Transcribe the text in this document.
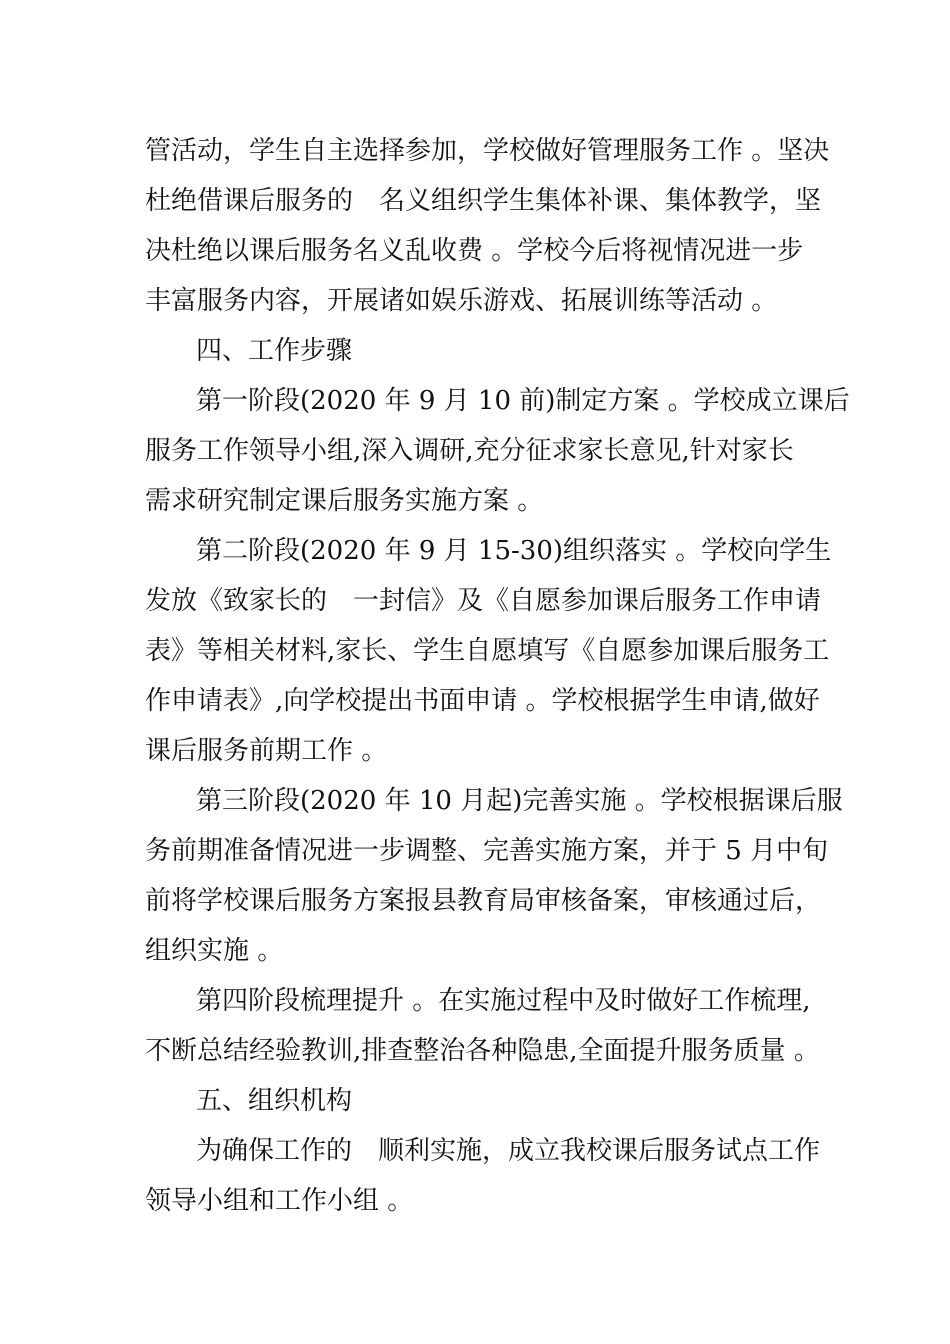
管活动，学生自主选择参加，学校做好管理服务工作 。坚决
杜绝借课后服务的　名义组织学生集体补课、集体教学，坚
决杜绝以课后服务名义乱收费 。学校今后将视情况进一步
丰富服务内容，开展诸如娱乐游戏、拓展训练等活动 。
四、工作步骤
第一阶段(2020 年 9 月 10 前)制定方案 。学校成立课后
服务工作领导小组,深入调研,充分征求家长意见,针对家长
需求研究制定课后服务实施方案 。
第二阶段(2020 年 9 月 15-30)组织落实 。学校向学生
发放《致家长的　一封信》及《自愿参加课后服务工作申请
表》等相关材料,家长、学生自愿填写《自愿参加课后服务工
作申请表》,向学校提出书面申请 。学校根据学生申请,做好
课后服务前期工作 。
第三阶段(2020 年 10 月起)完善实施 。学校根据课后服
务前期准备情况进一步调整、完善实施方案，并于 5 月中旬
前将学校课后服务方案报县教育局审核备案，审核通过后，
组织实施 。
第四阶段梳理提升 。在实施过程中及时做好工作梳理,
不断总结经验教训,排查整治各种隐患,全面提升服务质量 。
五、组织机构
为确保工作的　顺利实施，成立我校课后服务试点工作
领导小组和工作小组 。
